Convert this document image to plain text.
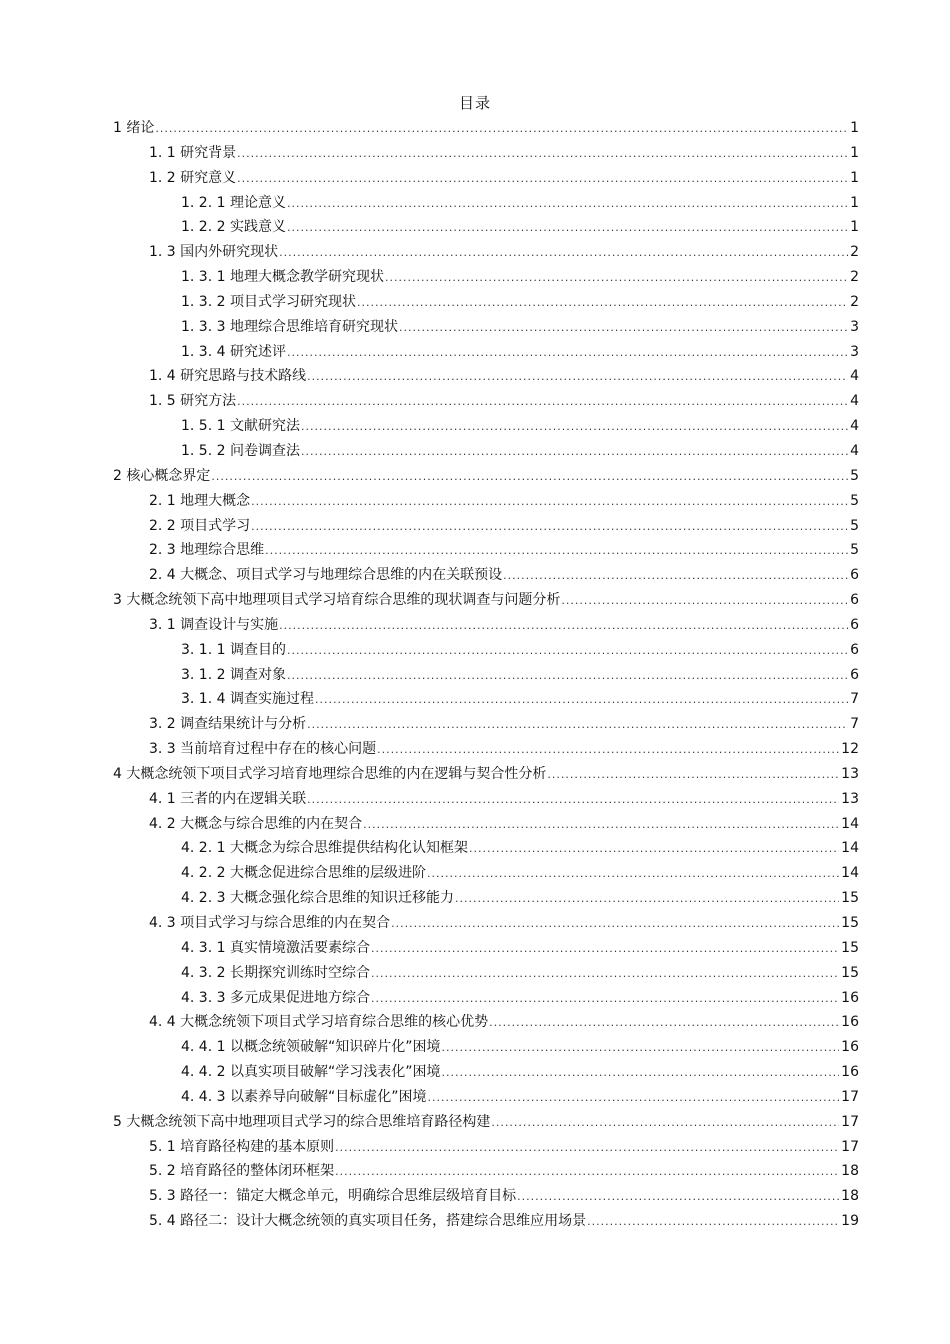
目录
1 绪论 .....	1
1. 1 研究背景 .....	1
1. 2 研究意义 .....	1
1. 2. 1 理论意义 .....	1
1. 2. 2 实践意义 .....	1
1. 3 国内外研究现状 .....	2
1. 3. 1 地理大概念教学研究现状 .....	2
1. 3. 2 项目式学习研究现状 .....	2
1. 3. 3 地理综合思维培育研究现状 .....	3
1. 3. 4 研究述评 .....	3
1. 4 研究思路与技术路线 .....	4
1. 5 研究方法 .....	4
1. 5. 1 文献研究法 .....	4
1. 5. 2 问卷调查法 .....	4
2 核心概念界定 .....	5
2. 1 地理大概念 .....	5
2. 2 项目式学习 .....	5
2. 3 地理综合思维 .....	5
2. 4 大概念、项目式学习与地理综合思维的内在关联预设 .....	6
3 大概念统领下高中地理项目式学习培育综合思维的现状调查与问题分析 .....	6
3. 1 调查设计与实施 .....	6
3. 1. 1 调查目的 .....	6
3. 1. 2 调查对象 .....	6
3. 1. 4 调查实施过程 .....	7
3. 2 调查结果统计与分析 .....	7
3. 3 当前培育过程中存在的核心问题 .....	12
4 大概念统领下项目式学习培育地理综合思维的内在逻辑与契合性分析 .....	13
4. 1 三者的内在逻辑关联 .....	13
4. 2 大概念与综合思维的内在契合 .....	14
4. 2. 1 大概念为综合思维提供结构化认知框架 .....	14
4. 2. 2 大概念促进综合思维的层级进阶 .....	14
4. 2. 3 大概念强化综合思维的知识迁移能力 .....	15
4. 3 项目式学习与综合思维的内在契合 .....	15
4. 3. 1 真实情境激活要素综合 .....	15
4. 3. 2 长期探究训练时空综合 .....	15
4. 3. 3 多元成果促进地方综合 .....	16
4. 4 大概念统领下项目式学习培育综合思维的核心优势 .....	16
4. 4. 1 以概念统领破解“知识碎片化”困境 .....	16
4. 4. 2 以真实项目破解“学习浅表化”困境 .....	16
4. 4. 3 以素养导向破解“目标虚化”困境 .....	17
5 大概念统领下高中地理项目式学习的综合思维培育路径构建 .....	17
5. 1 培育路径构建的基本原则 .....	17
5. 2 培育路径的整体闭环框架 .....	18
5. 3 路径一：锚定大概念单元，明确综合思维层级培育目标 .....	18
5. 4 路径二：设计大概念统领的真实项目任务，搭建综合思维应用场景 .....	19
